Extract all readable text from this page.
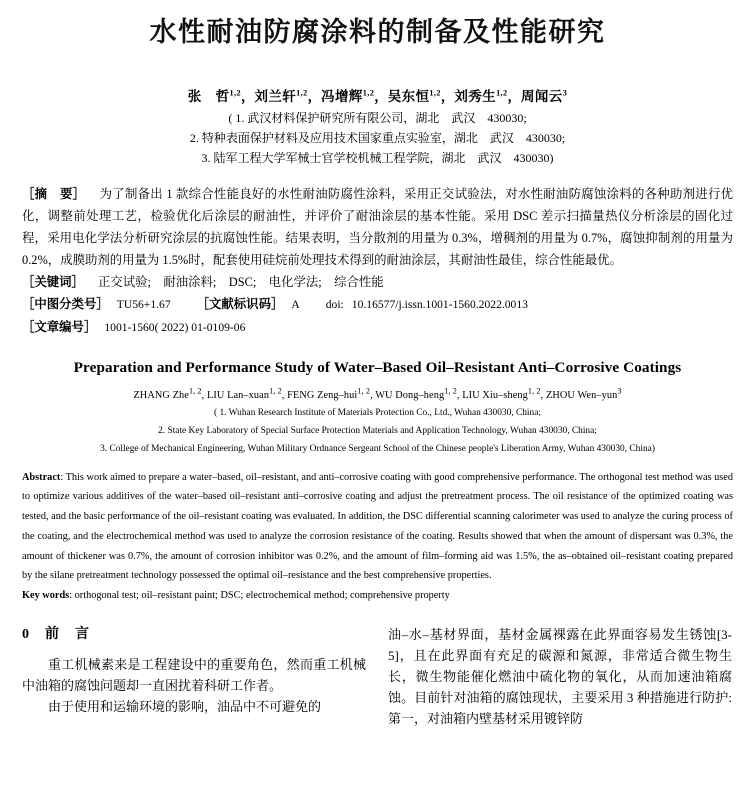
水性耐油防腐涂料的制备及性能研究
张　哲$^{1,2}$，刘兰轩$^{1,2}$，冯增辉$^{1,2}$，吴东恒$^{1,2}$，刘秀生$^{1,2}$，周闻云$^3$
( 1. 武汉材料保护研究所有限公司，湖北　武汉　430030;
2. 特种表面保护材料及应用技术国家重点实验室，湖北　武汉　430030;
3. 陆军工程大学军械士官学校机械工程学院，湖北　武汉　430030)

［摘　要］ 为了制备出 1 款综合性能良好的水性耐油防腐性涂料，采用正交试验法，对水性耐油防腐蚀涂料的各种助剂进行优化，调整前处理工艺，检验优化后涂层的耐油性，并评价了耐油涂层的基本性能。采用 DSC 差示扫描量热仪分析涂层的固化过程，采用电化学法分析研究涂层的抗腐蚀性能。结果表明，当分散剂的用量为 0.3%，增稠剂的用量为 0.7%，腐蚀抑制剂的用量为 0.2%，成膜助剂的用量为 1.5%时，配套使用硅烷前处理技术得到的耐油涂层，其耐油性最佳，综合性能最优。

［关键词］ 正交试验;　耐油涂料;　DSC;　电化学法;　综合性能

［中图分类号］ TU56+1.67 ［文献标识码］ A doi: 10.16577/j.issn.1001-1560.2022.0013

［文章编号］ 1001-1560( 2022) 01-0109-06

Preparation and Performance Study of Water‒Based Oil‒Resistant Anti‒Corrosive Coatings
ZHANG Zhe$^{1, 2}$, LIU Lan‒xuan$^{1, 2}$, FENG Zeng‒hui$^{1, 2}$, WU Dong‒heng$^{1, 2}$, LIU Xiu‒sheng$^{1, 2}$, ZHOU Wen‒yun$^3$
( 1. Wuhan Research Institute of Materials Protection Co., Ltd., Wuhan 430030, China;
2. State Key Laboratory of Special Surface Protection Materials and Application Technology, Wuhan 430030, China;
3. College of Mechanical Engineering, Wuhan Military Ordnance Sergeant School of the Chinese people's Liberation Army, Wuhan 430030, China)

Abstract: This work aimed to prepare a water‒based, oil‒resistant, and anti‒corrosive coating with good comprehensive performance. The orthogonal test method was used to optimize various additives of the water‒based oil‒resistant anti‒corrosive coating and adjust the pretreatment process. The oil resistance of the optimized coating was tested, and the basic performance of the oil‒resistant coating was evaluated. In addition, the DSC differential scanning calorimeter was used to analyze the curing process of the coating, and the electrochemical method was used to analyze the corrosion resistance of the coating. Results showed that when the amount of dispersant was 0.3%, the amount of thickener was 0.7%, the amount of corrosion inhibitor was 0.2%, and the amount of film‒forming aid was 1.5%, the as‒obtained oil‒resistant coating prepared by the silane pretreatment technology possessed the optimal oil‒resistance and the best comprehensive properties.

Key words: orthogonal test; oil‒resistant paint; DSC; electrochemical method; comprehensive property

0　前　言

重工机械素来是工程建设中的重要角色，然而重工机械中油箱的腐蚀问题却一直困扰着科研工作者。

由于使用和运输环境的影响，油品中不可避免的

油‒水‒基材界面，基材金属裸露在此界面容易发生锈蚀[3-5]，且在此界面有充足的碳源和氮源，非常适合微生物生长，微生物能催化燃油中硫化物的氧化，从而加速油箱腐蚀。目前针对油箱的腐蚀现状，主要采用 3 种措施进行防护: 第一，对油箱内壁基材采用镀锌防
